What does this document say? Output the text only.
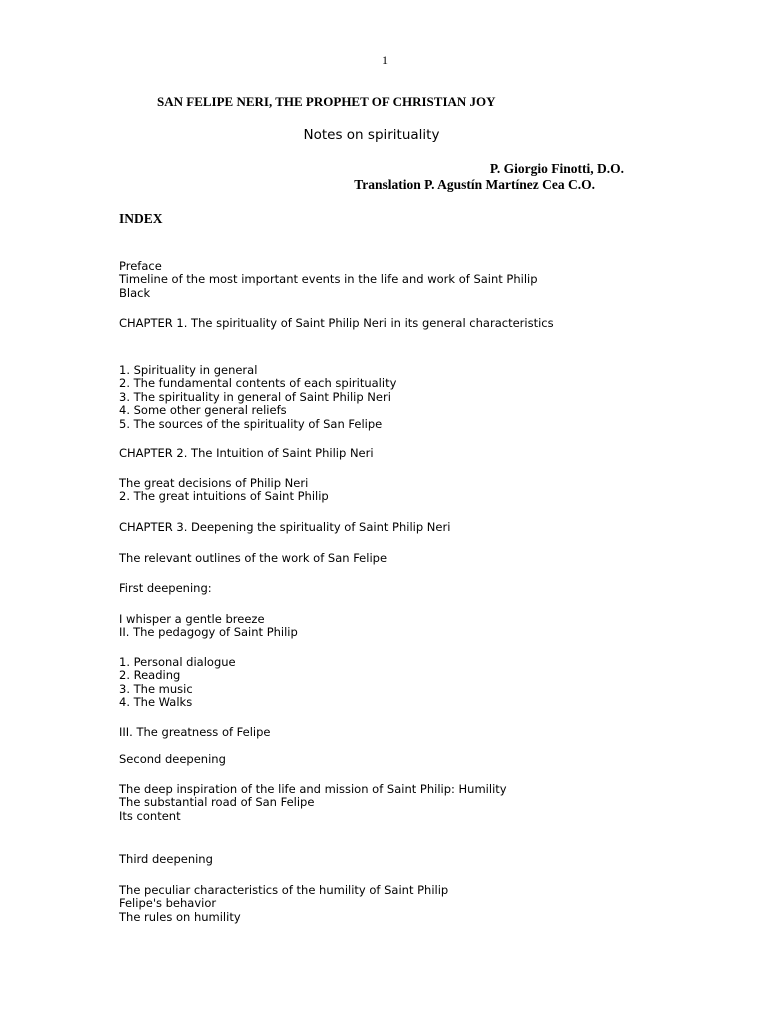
1
SAN FELIPE NERI, THE PROPHET OF CHRISTIAN JOY
Notes on spirituality
P. Giorgio Finotti, D.O.
Translation P. Agustín Martínez Cea C.O.
INDEX
Preface
Timeline of the most important events in the life and work of Saint Philip
Black
CHAPTER 1. The spirituality of Saint Philip Neri in its general characteristics
1. Spirituality in general
2. The fundamental contents of each spirituality
3. The spirituality in general of Saint Philip Neri
4. Some other general reliefs
5. The sources of the spirituality of San Felipe
CHAPTER 2. The Intuition of Saint Philip Neri
The great decisions of Philip Neri
2. The great intuitions of Saint Philip
CHAPTER 3. Deepening the spirituality of Saint Philip Neri
The relevant outlines of the work of San Felipe
First deepening:
I whisper a gentle breeze
II. The pedagogy of Saint Philip
1. Personal dialogue
2. Reading
3. The music
4. The Walks
III. The greatness of Felipe
Second deepening
The deep inspiration of the life and mission of Saint Philip: Humility
The substantial road of San Felipe
Its content
Third deepening
The peculiar characteristics of the humility of Saint Philip
Felipe's behavior
The rules on humility
